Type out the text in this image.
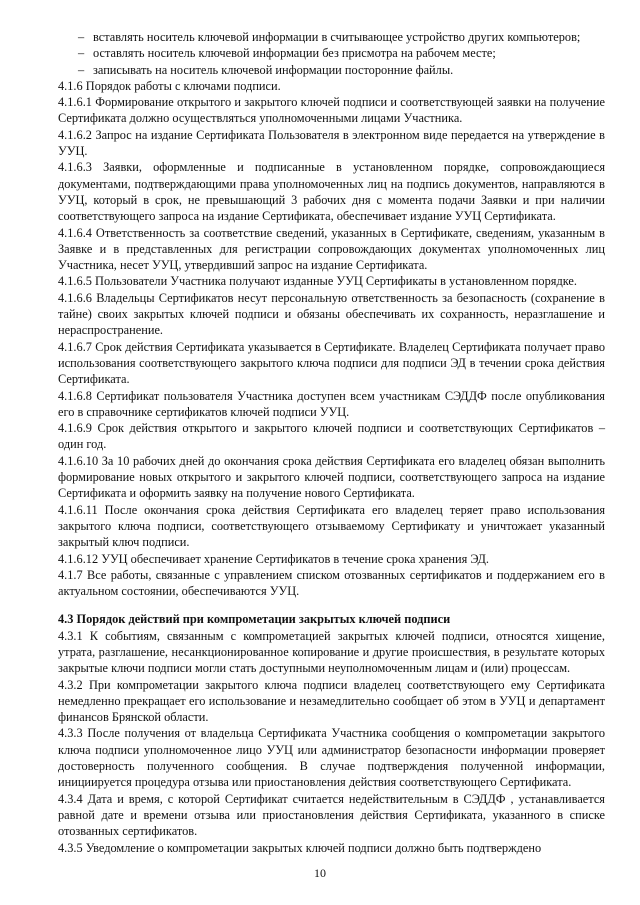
– вставлять носитель ключевой информации в считывающее устройство других компьютеров;

– оставлять носитель ключевой информации без присмотра на рабочем месте;

– записывать на носитель ключевой информации посторонние файлы.

4.1.6 Порядок работы с ключами подписи.

4.1.6.1 Формирование открытого и закрытого ключей подписи и соответствующей заявки на получение Сертификата должно осуществляться уполномоченными лицами Участника.

4.1.6.2 Запрос на издание Сертификата Пользователя в электронном виде передается на утверждение в УУЦ.

4.1.6.3 Заявки, оформленные и подписанные в установленном порядке, сопровождающиеся документами, подтверждающими права уполномоченных лиц на подпись документов, направляются в УУЦ, который в срок, не превышающий 3 рабочих дня с момента подачи Заявки и при наличии соответствующего запроса на издание Сертификата, обеспечивает издание УУЦ Сертификата.

4.1.6.4 Ответственность за соответствие сведений, указанных в Сертификате, сведениям, указанным в Заявке и в представленных для регистрации сопровождающих документах уполномоченных лиц Участника, несет УУЦ, утвердивший запрос на издание Сертификата.

4.1.6.5 Пользователи Участника получают изданные УУЦ Сертификаты в установленном порядке.

4.1.6.6 Владельцы Сертификатов несут персональную ответственность за безопасность (сохранение в тайне) своих закрытых ключей подписи и обязаны обеспечивать их сохранность, неразглашение и нераспространение.

4.1.6.7 Срок действия Сертификата указывается в Сертификате. Владелец Сертификата получает право использования соответствующего закрытого ключа подписи для подписи ЭД в течении срока действия Сертификата.

4.1.6.8 Сертификат пользователя Участника доступен всем участникам СЭДДФ после опубликования его в справочнике сертификатов ключей подписи УУЦ.

4.1.6.9 Срок действия открытого и закрытого ключей подписи и соответствующих Сертификатов – один год.

4.1.6.10 За 10 рабочих дней до окончания срока действия Сертификата его владелец обязан выполнить формирование новых открытого и закрытого ключей подписи, соответствующего запроса на издание Сертификата и оформить заявку на получение нового Сертификата.

4.1.6.11 После окончания срока действия Сертификата его владелец теряет право использования закрытого ключа подписи, соответствующего отзываемому Сертификату и уничтожает указанный закрытый ключ подписи.

4.1.6.12 УУЦ обеспечивает хранение Сертификатов в течение срока хранения ЭД.

4.1.7 Все работы, связанные с управлением списком отозванных сертификатов и поддержанием его в актуальном состоянии, обеспечиваются УУЦ.

4.3 Порядок действий при компрометации закрытых ключей подписи

4.3.1 К событиям, связанным с компрометацией закрытых ключей подписи, относятся хищение, утрата, разглашение, несанкционированное копирование и другие происшествия, в результате которых закрытые ключи подписи могли стать доступными неуполномоченным лицам и (или) процессам.

4.3.2 При компрометации закрытого ключа подписи владелец соответствующего ему Сертификата немедленно прекращает его использование и незамедлительно сообщает об этом в УУЦ и департамент финансов Брянской области.

4.3.3 После получения от владельца Сертификата Участника сообщения о компрометации закрытого ключа подписи уполномоченное лицо УУЦ или администратор безопасности информации проверяет достоверность полученного сообщения. В случае подтверждения полученной информации, инициируется процедура отзыва или приостановления действия соответствующего Сертификата.

4.3.4 Дата и время, с которой Сертификат считается недействительным в СЭДДФ , устанавливается равной дате и времени отзыва или приостановления действия Сертификата, указанного в списке отозванных сертификатов.

4.3.5 Уведомление о компрометации закрытых ключей подписи должно быть подтверждено

10
